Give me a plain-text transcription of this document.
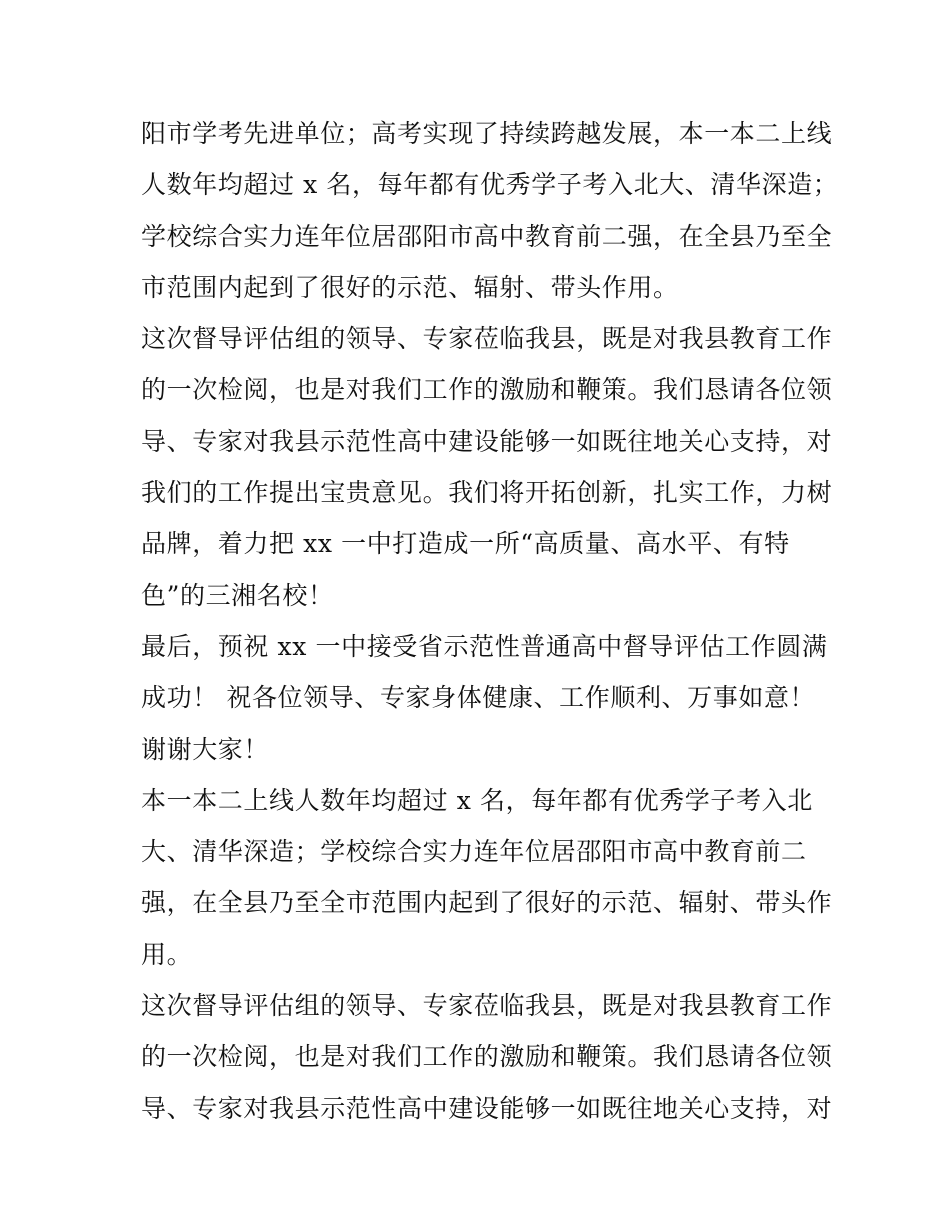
阳市学考先进单位；高考实现了持续跨越发展，本一本二上线
人数年均超过 x 名，每年都有优秀学子考入北大、清华深造；
学校综合实力连年位居邵阳市高中教育前二强，在全县乃至全
市范围内起到了很好的示范、辐射、带头作用。
这次督导评估组的领导、专家莅临我县，既是对我县教育工作
的一次检阅，也是对我们工作的激励和鞭策。我们恳请各位领
导、专家对我县示范性高中建设能够一如既往地关心支持，对
我们的工作提出宝贵意见。我们将开拓创新，扎实工作，力树
品牌，着力把 xx 一中打造成一所“高质量、高水平、有特
色”的三湘名校！
最后，预祝 xx 一中接受省示范性普通高中督导评估工作圆满
成功！ 祝各位领导、专家身体健康、工作顺利、万事如意！
谢谢大家！
本一本二上线人数年均超过 x 名，每年都有优秀学子考入北
大、清华深造；学校综合实力连年位居邵阳市高中教育前二
强，在全县乃至全市范围内起到了很好的示范、辐射、带头作
用。
这次督导评估组的领导、专家莅临我县，既是对我县教育工作
的一次检阅，也是对我们工作的激励和鞭策。我们恳请各位领
导、专家对我县示范性高中建设能够一如既往地关心支持，对
